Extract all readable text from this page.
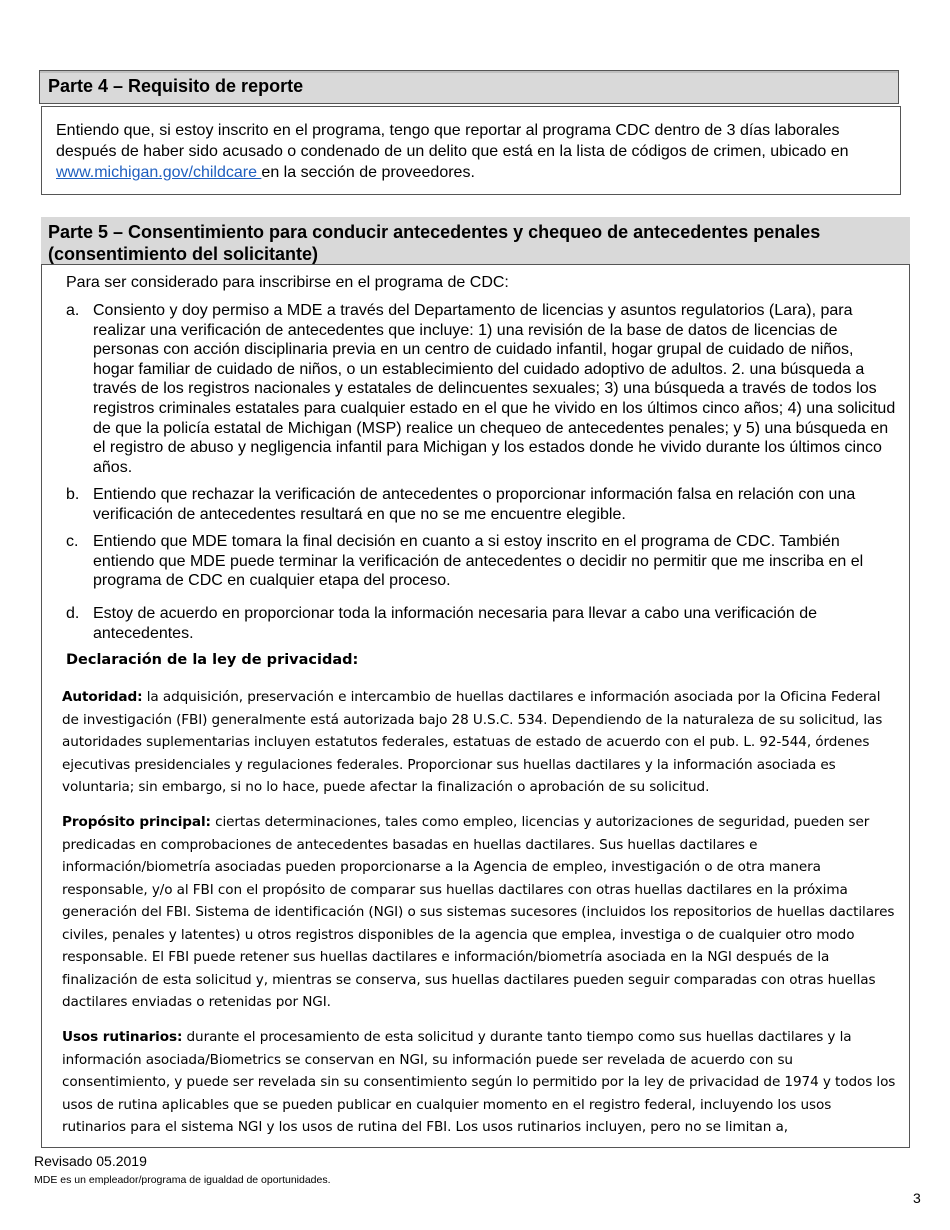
Parte 4 – Requisito de reporte
Entiendo que, si estoy inscrito en el programa, tengo que reportar al programa CDC dentro de 3 días laborales después de haber sido acusado o condenado de un delito que está en la lista de códigos de crimen, ubicado en www.michigan.gov/childcare en la sección de proveedores.
Parte 5 – Consentimiento para conducir antecedentes y chequeo de antecedentes penales (consentimiento del solicitante)
Para ser considerado para inscribirse en el programa de CDC:
a. Consiento y doy permiso a MDE a través del Departamento de licencias y asuntos regulatorios (Lara), para realizar una verificación de antecedentes que incluye: 1) una revisión de la base de datos de licencias de personas con acción disciplinaria previa en un centro de cuidado infantil, hogar grupal de cuidado de niños, hogar familiar de cuidado de niños, o un establecimiento del cuidado adoptivo de adultos. 2. una búsqueda a través de los registros nacionales y estatales de delincuentes sexuales; 3) una búsqueda a través de todos los registros criminales estatales para cualquier estado en el que he vivido en los últimos cinco años; 4) una solicitud de que la policía estatal de Michigan (MSP) realice un chequeo de antecedentes penales; y 5) una búsqueda en el registro de abuso y negligencia infantil para Michigan y los estados donde he vivido durante los últimos cinco años.
b. Entiendo que rechazar la verificación de antecedentes o proporcionar información falsa en relación con una verificación de antecedentes resultará en que no se me encuentre elegible.
c. Entiendo que MDE tomara la final decisión en cuanto a si estoy inscrito en el programa de CDC. También entiendo que MDE puede terminar la verificación de antecedentes o decidir no permitir que me inscriba en el programa de CDC en cualquier etapa del proceso.
d. Estoy de acuerdo en proporcionar toda la información necesaria para llevar a cabo una verificación de antecedentes.
Declaración de la ley de privacidad:
Autoridad: la adquisición, preservación e intercambio de huellas dactilares e información asociada por la Oficina Federal de investigación (FBI) generalmente está autorizada bajo 28 U.S.C. 534. Dependiendo de la naturaleza de su solicitud, las autoridades suplementarias incluyen estatutos federales, estatuas de estado de acuerdo con el pub. L. 92-544, órdenes ejecutivas presidenciales y regulaciones federales. Proporcionar sus huellas dactilares y la información asociada es voluntaria; sin embargo, si no lo hace, puede afectar la finalización o aprobación de su solicitud.
Propósito principal: ciertas determinaciones, tales como empleo, licencias y autorizaciones de seguridad, pueden ser predicadas en comprobaciones de antecedentes basadas en huellas dactilares. Sus huellas dactilares e información/biometría asociadas pueden proporcionarse a la Agencia de empleo, investigación o de otra manera responsable, y/o al FBI con el propósito de comparar sus huellas dactilares con otras huellas dactilares en la próxima generación del FBI. Sistema de identificación (NGI) o sus sistemas sucesores (incluidos los repositorios de huellas dactilares civiles, penales y latentes) u otros registros disponibles de la agencia que emplea, investiga o de cualquier otro modo responsable. El FBI puede retener sus huellas dactilares e información/biometría asociada en la NGI después de la finalización de esta solicitud y, mientras se conserva, sus huellas dactilares pueden seguir comparadas con otras huellas dactilares enviadas o retenidas por NGI.
Usos rutinarios: durante el procesamiento de esta solicitud y durante tanto tiempo como sus huellas dactilares y la información asociada/Biometrics se conservan en NGI, su información puede ser revelada de acuerdo con su consentimiento, y puede ser revelada sin su consentimiento según lo permitido por la ley de privacidad de 1974 y todos los usos de rutina aplicables que se pueden publicar en cualquier momento en el registro federal, incluyendo los usos rutinarios para el sistema NGI y los usos de rutina del FBI. Los usos rutinarios incluyen, pero no se limitan a,
Revisado 05.2019
MDE es un empleador/programa de igualdad de oportunidades.
3
